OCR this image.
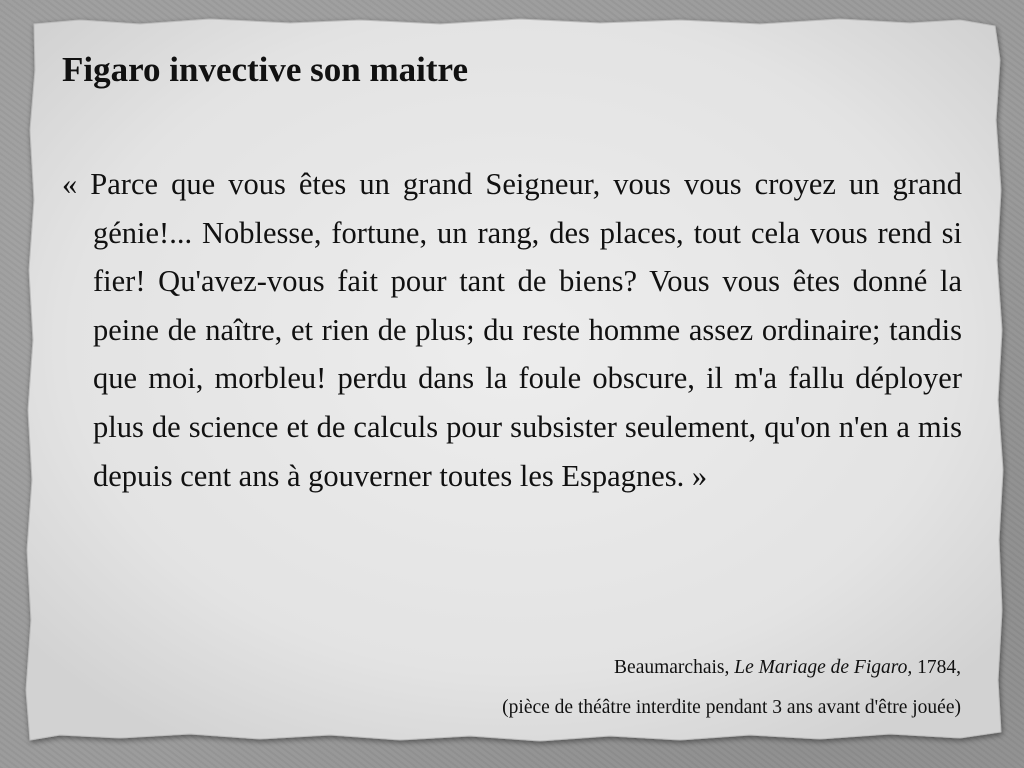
Figaro invective son maitre

« Parce que vous êtes un grand Seigneur, vous vous croyez un grand génie!... Noblesse, fortune, un rang, des places, tout cela vous rend si fier! Qu'avez-vous fait pour tant de biens? Vous vous êtes donné la peine de naître, et rien de plus; du reste homme assez ordinaire; tandis que moi, morbleu! perdu dans la foule obscure, il m'a fallu déployer plus de science et de calculs pour subsister seulement, qu'on n'en a mis depuis cent ans à gouverner toutes les Espagnes. »

Beaumarchais, Le Mariage de Figaro, 1784,

(pièce de théâtre interdite pendant 3 ans avant d'être jouée)
